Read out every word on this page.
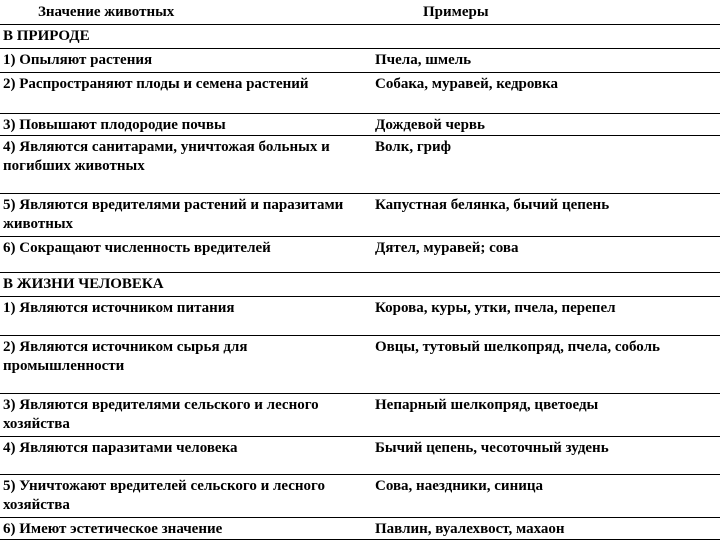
Значение животных	Примеры
В ПРИРОДЕ	
1) Опыляют растения	Пчела, шмель
2) Распространяют плоды и семена растений	Собака, муравей, кедровка
3) Повышают плодородие почвы	Дождевой червь
4) Являются санитарами, уничтожая больных и погибших животных	Волк, гриф
5) Являются вредителями растений и паразитами животных	Капустная белянка, бычий цепень
6) Сокращают численность вредителей	Дятел, муравей; сова
В ЖИЗНИ ЧЕЛОВЕКА	
1) Являются источником питания	Корова, куры, утки, пчела, перепел
2) Являются источником сырья для промышленности	Овцы, тутовый шелкопряд, пчела, соболь
3) Являются вредителями сельского и лесного хозяйства	Непарный шелкопряд, цветоеды
4) Являются паразитами человека	Бычий цепень, чесоточный зудень
5) Уничтожают вредителей сельского и лесного хозяйства	Сова, наездники, синица
6) Имеют эстетическое значение	Павлин, вуалехвост, махаон
